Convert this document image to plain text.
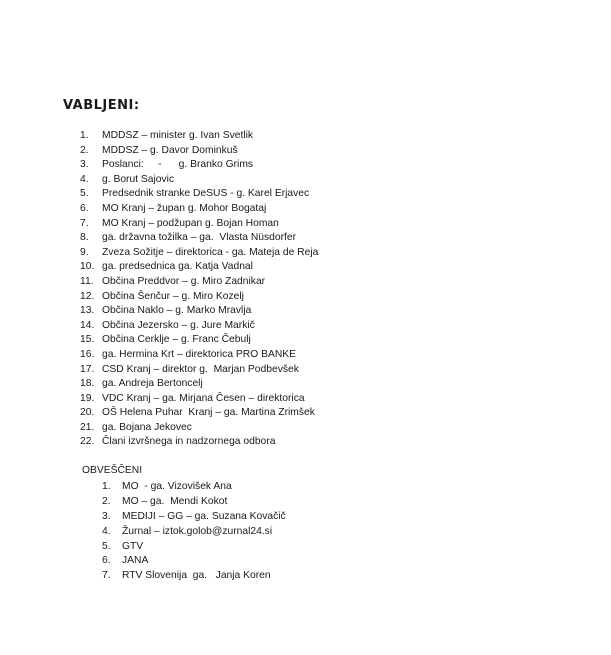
VABLJENI:
1.	MDDSZ – minister g. Ivan Svetlik
2.	MDDSZ – g. Davor Dominkuš
3.	Poslanci:     -      g. Branko Grims
4.	g. Borut Sajovic
5.	Predsednik stranke DeSUS - g. Karel Erjavec
6.	MO Kranj – župan g. Mohor Bogataj
7.	MO Kranj – podžupan g. Bojan Homan
8.	ga. državna tožilka – ga.  Vlasta Nüsdorfer
9.	Zveza Sožitje – direktorica - ga. Mateja de Reja
10. ga. predsednica ga. Katja Vadnal
11. Občina Preddvor – g. Miro Zadnikar
12. Občina Šenčur – g. Miro Kozelj
13. Občina Naklo – g. Marko Mravlja
14. Občina Jezersko – g. Jure Markič
15. Občina Cerklje – g. Franc Čebulj
16. ga. Hermina Krt – direktorica PRO BANKE
17. CSD Kranj – direktor g.  Marjan Podbevšek
18. ga. Andreja Bertoncelj
19. VDC Kranj – ga. Mirjana Česen – direktorica
20. OŠ Helena Puhar  Kranj – ga. Martina Zrimšek
21. ga. Bojana Jekovec
22. Člani izvršnega in nadzornega odbora
OBVEŠČENI
1.	MO  - ga. Vizovišek Ana
2.	MO – ga.  Mendi Kokot
3.	MEDIJI – GG – ga. Suzana Kovačič
4.	Žurnal – iztok.golob@zurnal24.si
5.	GTV
6.	JANA
7.	RTV Slovenija  ga.   Janja Koren
